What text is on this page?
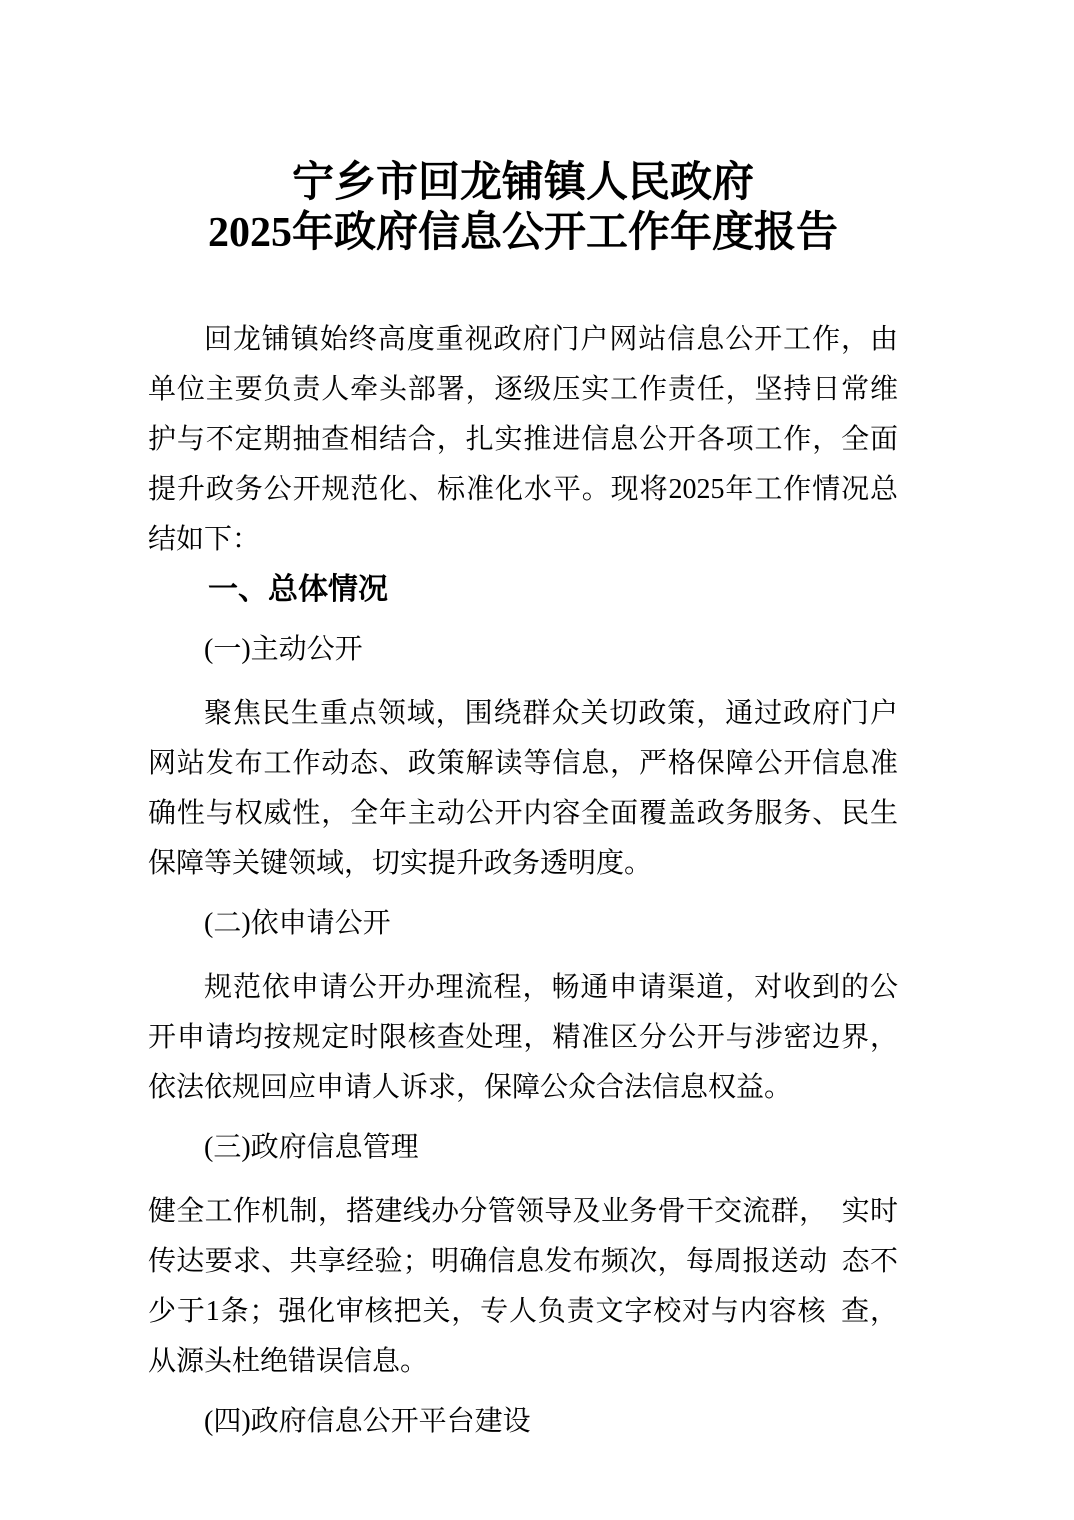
宁乡市回龙铺镇人民政府
2025年政府信息公开工作年度报告

回龙铺镇始终高度重视政府门户网站信息公开工作，由单位主要负责人牵头部署，逐级压实工作责任，坚持日常维护与不定期抽查相结合，扎实推进信息公开各项工作，全面提升政务公开规范化、标准化水平。现将2025年工作情况总结如下：

一、总体情况
(一)主动公开

聚焦民生重点领域，围绕群众关切政策，通过政府门户网站发布工作动态、政策解读等信息，严格保障公开信息准确性与权威性，全年主动公开内容全面覆盖政务服务、民生保障等关键领域，切实提升政务透明度。

(二)依申请公开

规范依申请公开办理流程，畅通申请渠道，对收到的公开申请均按规定时限核查处理，精准区分公开与涉密边界，依法依规回应申请人诉求，保障公众合法信息权益。

(三)政府信息管理

健全工作机制，搭建线办分管领导及业务骨干交流群， 实时传达要求、共享经验；明确信息发布频次，每周报送动 态不少于1条；强化审核把关，专人负责文字校对与内容核 查，从源头杜绝错误信息。

(四)政府信息公开平台建设
